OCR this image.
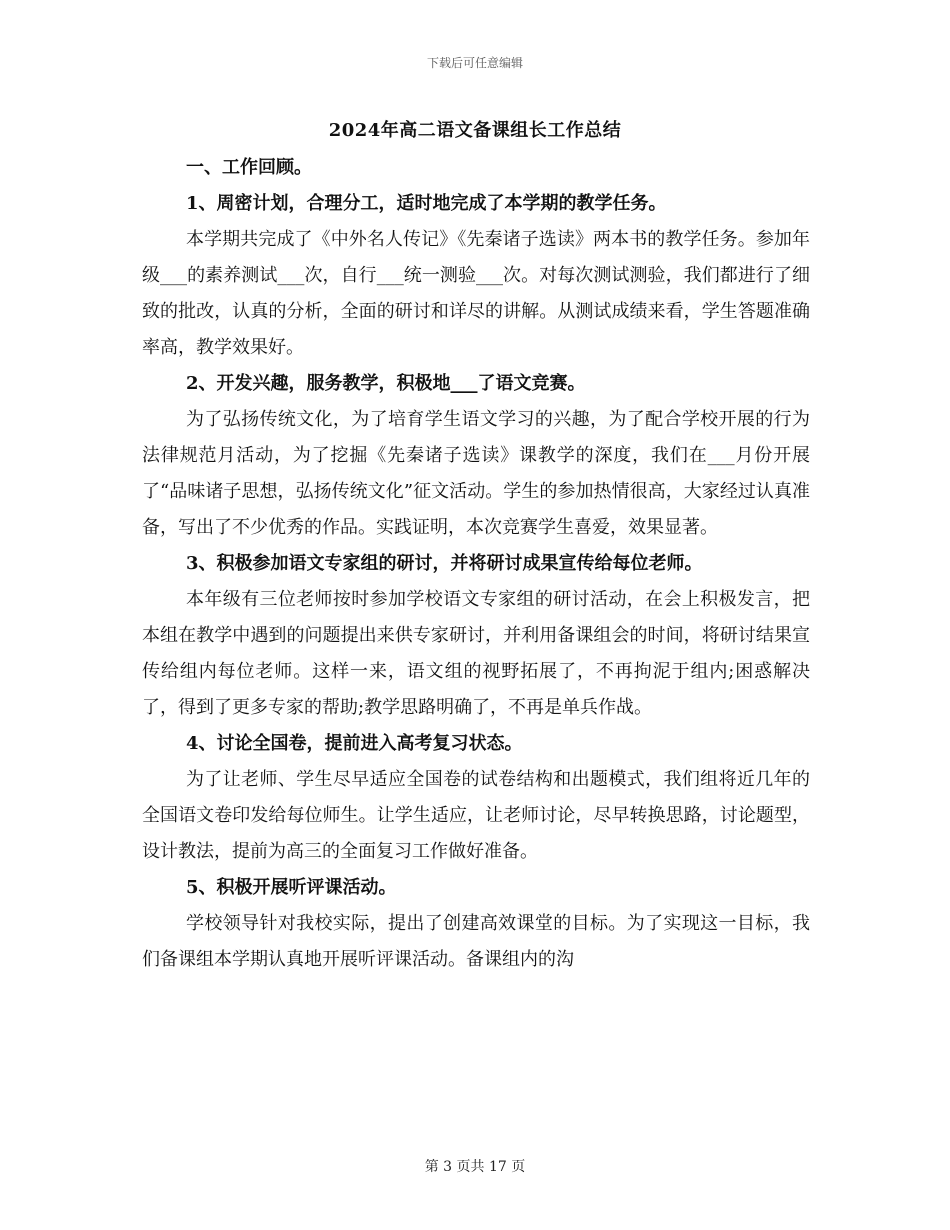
下载后可任意编辑
2024年高二语文备课组长工作总结

一、工作回顾。

1、周密计划，合理分工，适时地完成了本学期的教学任务。

本学期共完成了《中外名人传记》《先秦诸子选读》两本书的教学任务。参加年级___的素养测试___次，自行___统一测验___次。对每次测试测验，我们都进行了细致的批改，认真的分析，全面的研讨和详尽的讲解。从测试成绩来看，学生答题准确率高，教学效果好。

2、开发兴趣，服务教学，积极地___了语文竞赛。

为了弘扬传统文化，为了培育学生语文学习的兴趣，为了配合学校开展的行为法律规范月活动，为了挖掘《先秦诸子选读》课教学的深度，我们在___月份开展了“品味诸子思想，弘扬传统文化”征文活动。学生的参加热情很高，大家经过认真准备，写出了不少优秀的作品。实践证明，本次竞赛学生喜爱，效果显著。

3、积极参加语文专家组的研讨，并将研讨成果宣传给每位老师。

本年级有三位老师按时参加学校语文专家组的研讨活动，在会上积极发言，把本组在教学中遇到的问题提出来供专家研讨，并利用备课组会的时间，将研讨结果宣传给组内每位老师。这样一来，语文组的视野拓展了，不再拘泥于组内;困惑解决了，得到了更多专家的帮助;教学思路明确了，不再是单兵作战。

4、讨论全国卷，提前进入高考复习状态。

为了让老师、学生尽早适应全国卷的试卷结构和出题模式，我们组将近几年的全国语文卷印发给每位师生。让学生适应，让老师讨论，尽早转换思路，讨论题型，设计教法，提前为高三的全面复习工作做好准备。

5、积极开展听评课活动。

学校领导针对我校实际，提出了创建高效课堂的目标。为了实现这一目标，我们备课组本学期认真地开展听评课活动。备课组内的沟

第 3 页共 17 页
